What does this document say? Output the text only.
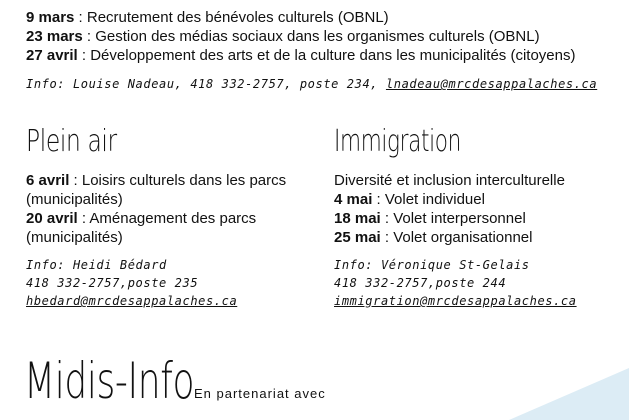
9 mars : Recrutement des bénévoles culturels (OBNL)
23 mars : Gestion des médias sociaux dans les organismes culturels (OBNL)
27 avril : Développement des arts et de la culture dans les municipalités (citoyens)
Info: Louise Nadeau, 418 332-2757, poste 234, lnadeau@mrcdesappalaches.ca
Plein air
6 avril : Loisirs culturels dans les parcs
(municipalités)
20 avril : Aménagement des parcs
(municipalités)
Info: Heidi Bédard
418 332-2757,poste 235
hbedard@mrcdesappalaches.ca
Immigration
Diversité et inclusion interculturelle
4 mai : Volet individuel
18 mai : Volet interpersonnel
25 mai : Volet organisationnel
Info: Véronique St-Gelais
418 332-2757,poste 244
immigration@mrcdesappalaches.ca
Midis-Info En partenariat avec
